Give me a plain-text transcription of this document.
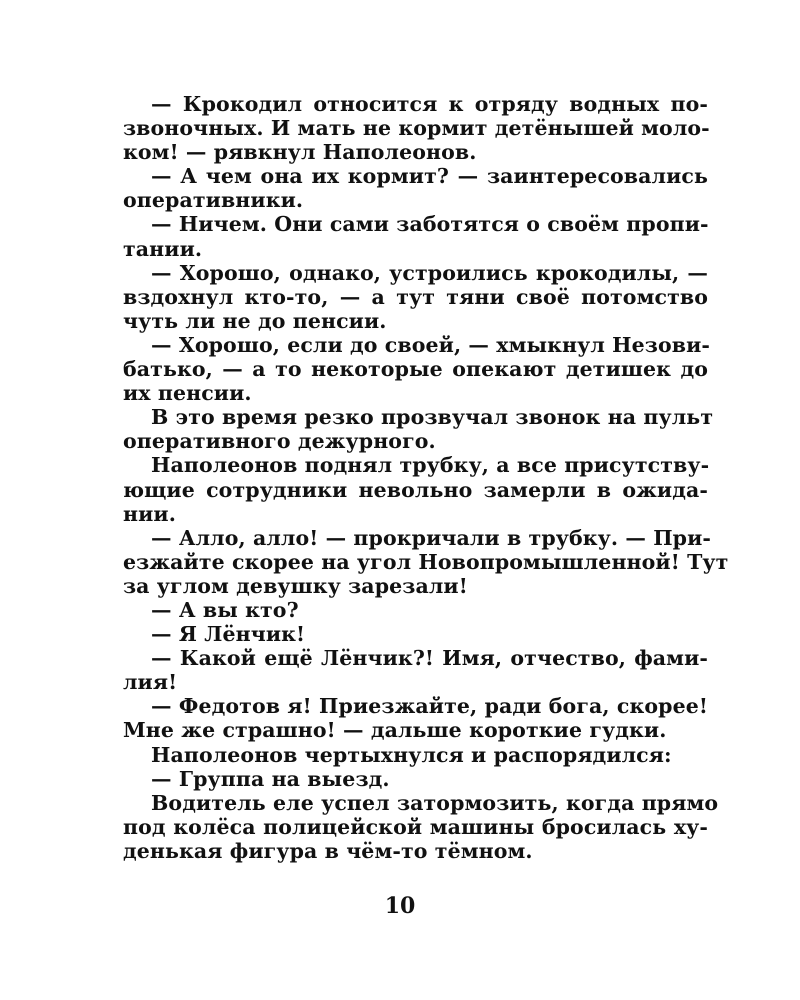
— Крокодил относится к отряду водных по-
звоночных. И мать не кормит детёнышей моло-
ком! — рявкнул Наполеонов.
— А чем она их кормит? — заинтересовались
оперативники.
— Ничем. Они сами заботятся о своём пропи-
тании.
— Хорошо, однако, устроились крокодилы, —
вздохнул кто-то, — а тут тяни своё потомство
чуть ли не до пенсии.
— Хорошо, если до своей, — хмыкнул Незови-
батько, — а то некоторые опекают детишек до
их пенсии.
В это время резко прозвучал звонок на пульт
оперативного дежурного.
Наполеонов поднял трубку, а все присутству-
ющие сотрудники невольно замерли в ожида-
нии.
— Алло, алло! — прокричали в трубку. — При-
езжайте скорее на угол Новопромышленной! Тут
за углом девушку зарезали!
— А вы кто?
— Я Лёнчик!
— Какой ещё Лёнчик?! Имя, отчество, фами-
лия!
— Федотов я! Приезжайте, ради бога, скорее!
Мне же страшно! — дальше короткие гудки.
Наполеонов чертыхнулся и распорядился:
— Группа на выезд.
Водитель еле успел затормозить, когда прямо
под колёса полицейской машины бросилась ху-
денькая фигура в чём-то тёмном.
10
